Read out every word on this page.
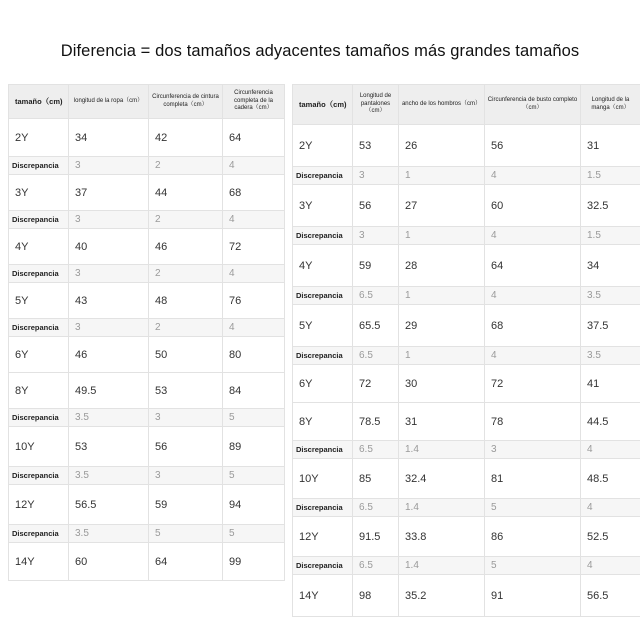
Diferencia = dos tamaños adyacentes tamaños más grandes tamaños
tamaño（cm)	longitud de la ropa（cm）	Circunferencia de cintura completa（cm）	Circunferencia completa de la cadera（cm）
2Y	34	42	64
Discrepancia	3	2	4
3Y	37	44	68
Discrepancia	3	2	4
4Y	40	46	72
Discrepancia	3	2	4
5Y	43	48	76
Discrepancia	3	2	4
6Y	46	50	80
8Y	49.5	53	84
Discrepancia	3.5	3	5
10Y	53	56	89
Discrepancia	3.5	3	5
12Y	56.5	59	94
Discrepancia	3.5	5	5
14Y	60	64	99
tamaño（cm)	Longitud de pantalones（cm）	ancho de los hombros（cm）	Circunferencia de busto completo（cm）	Longitud de la manga（cm）
2Y	53	26	56	31
Discrepancia	3	1	4	1.5
3Y	56	27	60	32.5
Discrepancia	3	1	4	1.5
4Y	59	28	64	34
Discrepancia	6.5	1	4	3.5
5Y	65.5	29	68	37.5
Discrepancia	6.5	1	4	3.5
6Y	72	30	72	41
8Y	78.5	31	78	44.5
Discrepancia	6.5	1.4	3	4
10Y	85	32.4	81	48.5
Discrepancia	6.5	1.4	5	4
12Y	91.5	33.8	86	52.5
Discrepancia	6.5	1.4	5	4
14Y	98	35.2	91	56.5
